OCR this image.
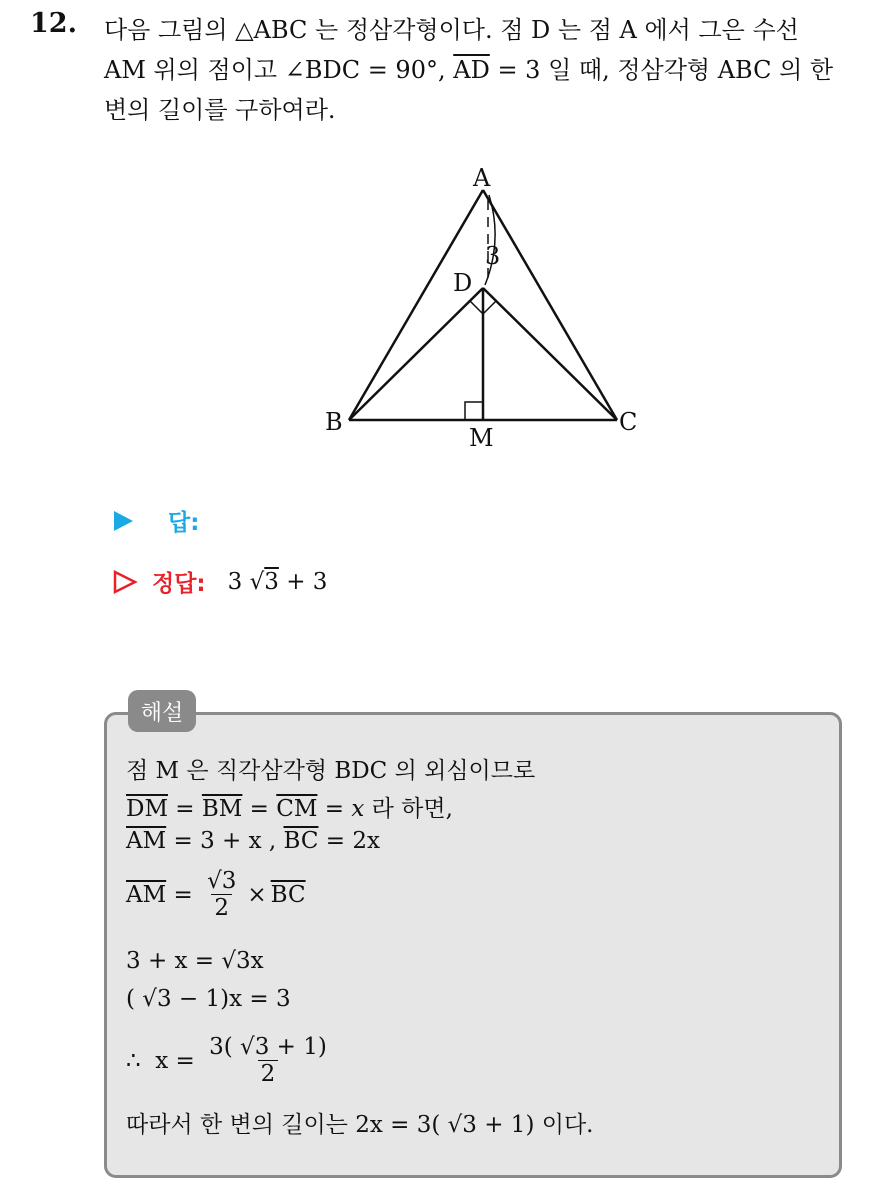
12. 다음 그림의 △ABC 는 정삼각형이다. 점 D 는 점 A 에서 그은 수선
AM 위의 점이고 ∠BDC = 90°, $\overline{AD} = 3$ 일 때, 정삼각형 ABC 의 한
변의 길이를 구하여라.
A
B	C
D
M
3
답:
정답: 3 √3 + 3
해설
점 M 은 직각삼각형 BDC 의 외심이므로
$\overline{DM} = \overline{BM} = \overline{CM} = x$ 라 하면,
$\overline{AM} = 3 + x$ , $\overline{BC} = 2x$
$\overline{AM} = \frac{√3}{2} \times \overline{BC}$
3 + x = √3x
( √3 − 1)x = 3
∴  $x = \frac{3( √3 + 1)}{2}$
따라서 한 변의 길이는 2x = 3( √3 + 1) 이다.
